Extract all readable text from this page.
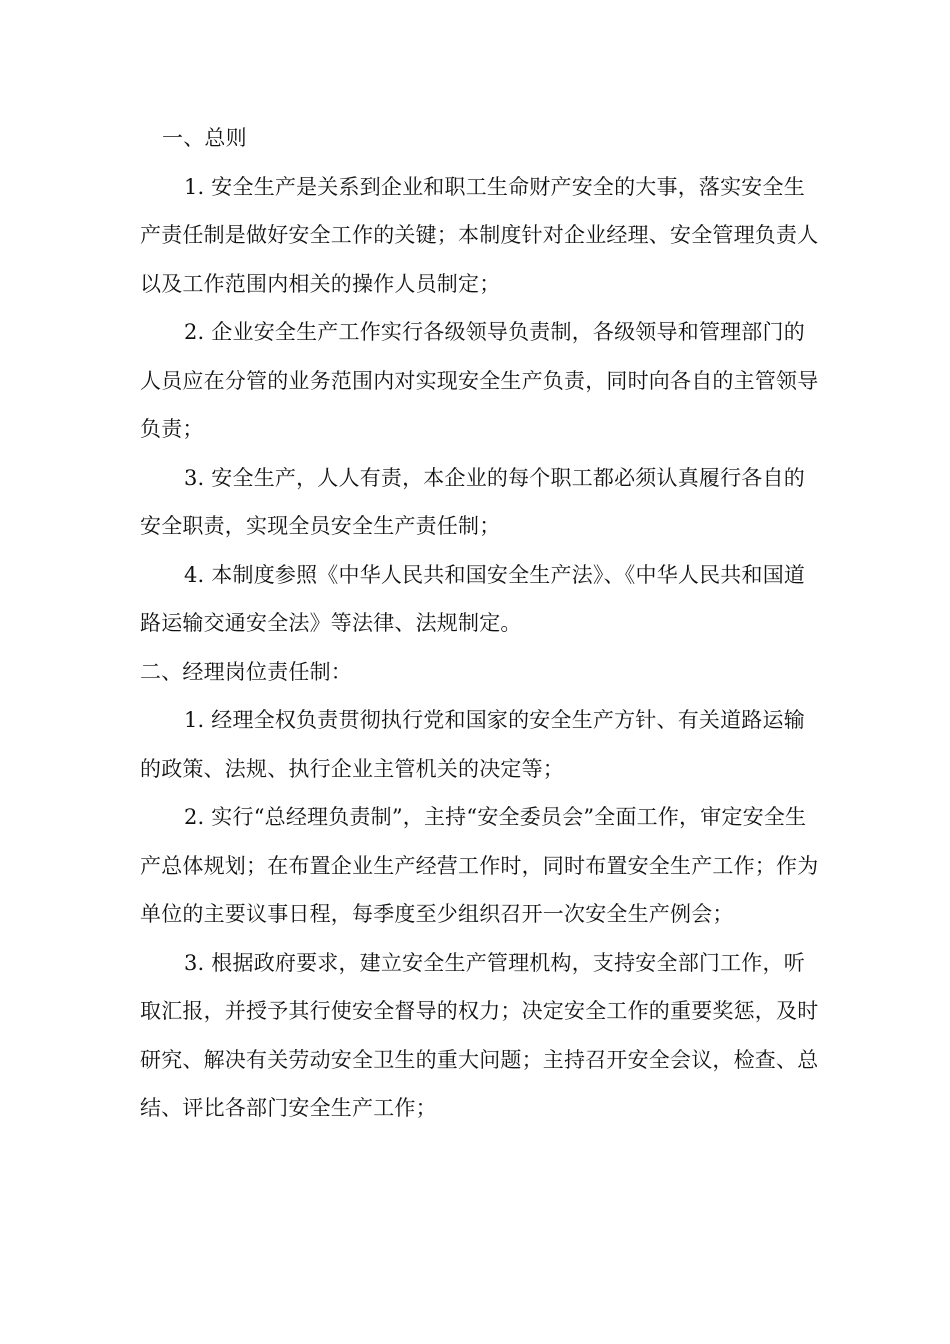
一、总则

1. 安全生产是关系到企业和职工生命财产安全的大事，落实安全生产责任制是做好安全工作的关键；本制度针对企业经理、安全管理负责人以及工作范围内相关的操作人员制定；

2. 企业安全生产工作实行各级领导负责制，各级领导和管理部门的人员应在分管的业务范围内对实现安全生产负责，同时向各自的主管领导负责；

3. 安全生产，人人有责，本企业的每个职工都必须认真履行各自的安全职责，实现全员安全生产责任制；

4. 本制度参照《中华人民共和国安全生产法》、《中华人民共和国道路运输交通安全法》等法律、法规制定。

二、经理岗位责任制：

1. 经理全权负责贯彻执行党和国家的安全生产方针、有关道路运输的政策、法规、执行企业主管机关的决定等；

2. 实行“总经理负责制”，主持“安全委员会”全面工作，审定安全生产总体规划；在布置企业生产经营工作时，同时布置安全生产工作；作为单位的主要议事日程，每季度至少组织召开一次安全生产例会；

3. 根据政府要求，建立安全生产管理机构，支持安全部门工作，听取汇报，并授予其行使安全督导的权力；决定安全工作的重要奖惩，及时研究、解决有关劳动安全卫生的重大问题；主持召开安全会议，检查、总结、评比各部门安全生产工作；
